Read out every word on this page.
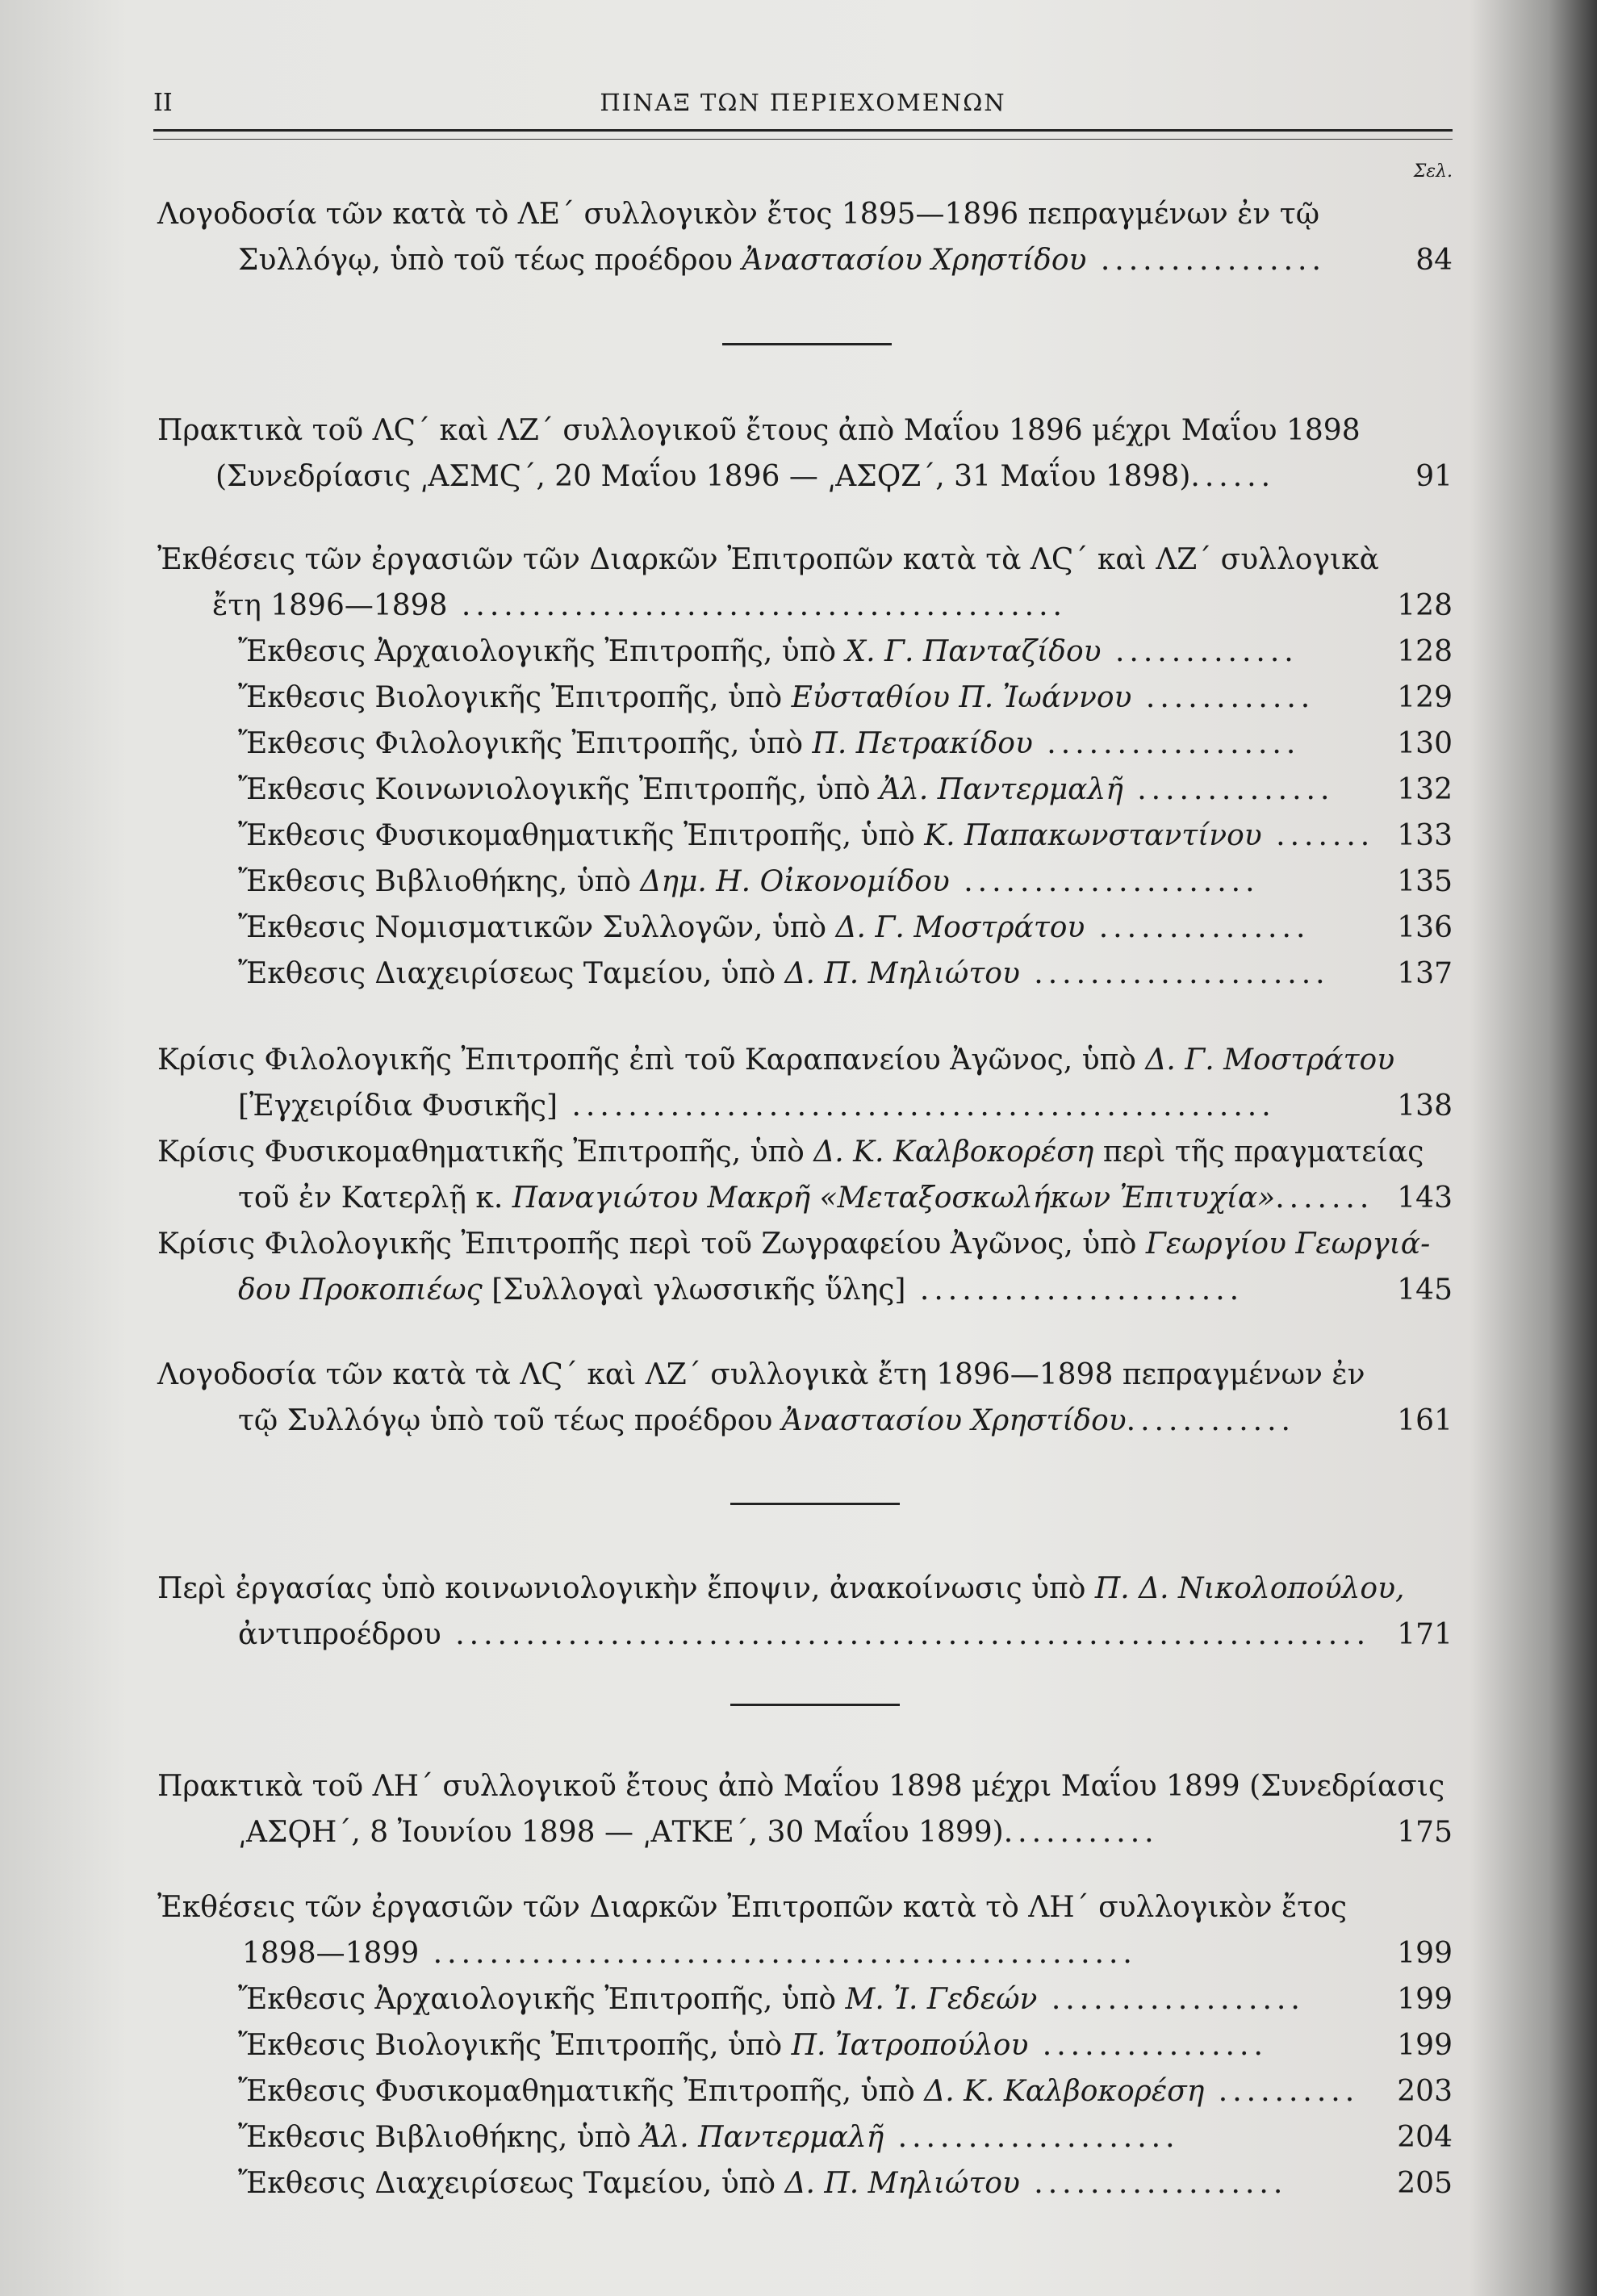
II	ΠΙΝΑΞ ΤΩΝ ΠΕΡΙΕΧΟΜΕΝΩΝ
Σελ.
Λογοδοσία τῶν κατὰ τὸ ΛΕ΄ συλλογικὸν ἔτος 1895—1896 πεπραγμένων ἐν τῷ
Συλλόγῳ, ὑπὸ τοῦ τέως προέδρου Ἀναστασίου Χρηστίδου ................	84
Πρακτικὰ τοῦ ΛϚ΄ καὶ ΛΖ΄ συλλογικοῦ ἔτους ἀπὸ Μαΐου 1896 μέχρι Μαΐου 1898
(Συνεδρίασις ͵ΑΣΜϚ΄, 20 Μαΐου 1896 — ͵ΑΣϘΖ΄, 31 Μαΐου 1898)......	91
Ἐκθέσεις τῶν ἐργασιῶν τῶν Διαρκῶν Ἐπιτροπῶν κατὰ τὰ ΛϚ΄ καὶ ΛΖ΄ συλλογικὰ
ἔτη 1896—1898 ...........................................	128
Ἔκθεσις Ἀρχαιολογικῆς Ἐπιτροπῆς, ὑπὸ Χ. Γ. Πανταζίδου .............	128
Ἔκθεσις Βιολογικῆς Ἐπιτροπῆς, ὑπὸ Εὐσταθίου Π. Ἰωάννου ............	129
Ἔκθεσις Φιλολογικῆς Ἐπιτροπῆς, ὑπὸ Π. Πετρακίδου ..................	130
Ἔκθεσις Κοινωνιολογικῆς Ἐπιτροπῆς, ὑπὸ Ἀλ. Παντερμαλῆ ..............	132
Ἔκθεσις Φυσικομαθηματικῆς Ἐπιτροπῆς, ὑπὸ Κ. Παπακωνσταντίνου ....... 133
Ἔκθεσις Βιβλιοθήκης, ὑπὸ Δημ. Η. Οἰκονομίδου .....................	135
Ἔκθεσις Νομισματικῶν Συλλογῶν, ὑπὸ Δ. Γ. Μοστράτου ...............	136
Ἔκθεσις Διαχειρίσεως Ταμείου, ὑπὸ Δ. Π. Μηλιώτου .....................	137
Κρίσις Φιλολογικῆς Ἐπιτροπῆς ἐπὶ τοῦ Καραπανείου Ἀγῶνος, ὑπὸ Δ. Γ. Μοστράτου
[Ἐγχειρίδια Φυσικῆς] ..................................................	138
Κρίσις Φυσικομαθηματικῆς Ἐπιτροπῆς, ὑπὸ Δ. Κ. Καλβοκορέση περὶ τῆς πραγματείας
τοῦ ἐν Κατερλῇ κ. Παναγιώτου Μακρῆ «Μεταξοσκωλήκων Ἐπιτυχία»....... 143
Κρίσις Φιλολογικῆς Ἐπιτροπῆς περὶ τοῦ Ζωγραφείου Ἀγῶνος, ὑπὸ Γεωργίου Γεωργιά-
δου Προκοπιέως [Συλλογαὶ γλωσσικῆς ὕλης] .......................	145
Λογοδοσία τῶν κατὰ τὰ ΛϚ΄ καὶ ΛΖ΄ συλλογικὰ ἔτη 1896—1898 πεπραγμένων ἐν
τῷ Συλλόγῳ ὑπὸ τοῦ τέως προέδρου Ἀναστασίου Χρηστίδου............	161
Περὶ ἐργασίας ὑπὸ κοινωνιολογικὴν ἔποψιν, ἀνακοίνωσις ὑπὸ Π. Δ. Νικολοπούλου,
ἀντιπροέδρου ................................................................. 171
Πρακτικὰ τοῦ ΛΗ΄ συλλογικοῦ ἔτους ἀπὸ Μαΐου 1898 μέχρι Μαΐου 1899 (Συνεδρίασις
͵ΑΣϘΗ΄, 8 Ἰουνίου 1898 — ͵ΑΤΚΕ΄, 30 Μαΐου 1899)...........	175
Ἐκθέσεις τῶν ἐργασιῶν τῶν Διαρκῶν Ἐπιτροπῶν κατὰ τὸ ΛΗ΄ συλλογικὸν ἔτος
1898—1899 ..................................................	199
Ἔκθεσις Ἀρχαιολογικῆς Ἐπιτροπῆς, ὑπὸ Μ. Ἰ. Γεδεών ..................	199
Ἔκθεσις Βιολογικῆς Ἐπιτροπῆς, ὑπὸ Π. Ἰατροπούλου ................	199
Ἔκθεσις Φυσικομαθηματικῆς Ἐπιτροπῆς, ὑπὸ Δ. Κ. Καλβοκορέση ..........	203
Ἔκθεσις Βιβλιοθήκης, ὑπὸ Ἀλ. Παντερμαλῆ ....................	204
Ἔκθεσις Διαχειρίσεως Ταμείου, ὑπὸ Δ. Π. Μηλιώτου ..................	205
